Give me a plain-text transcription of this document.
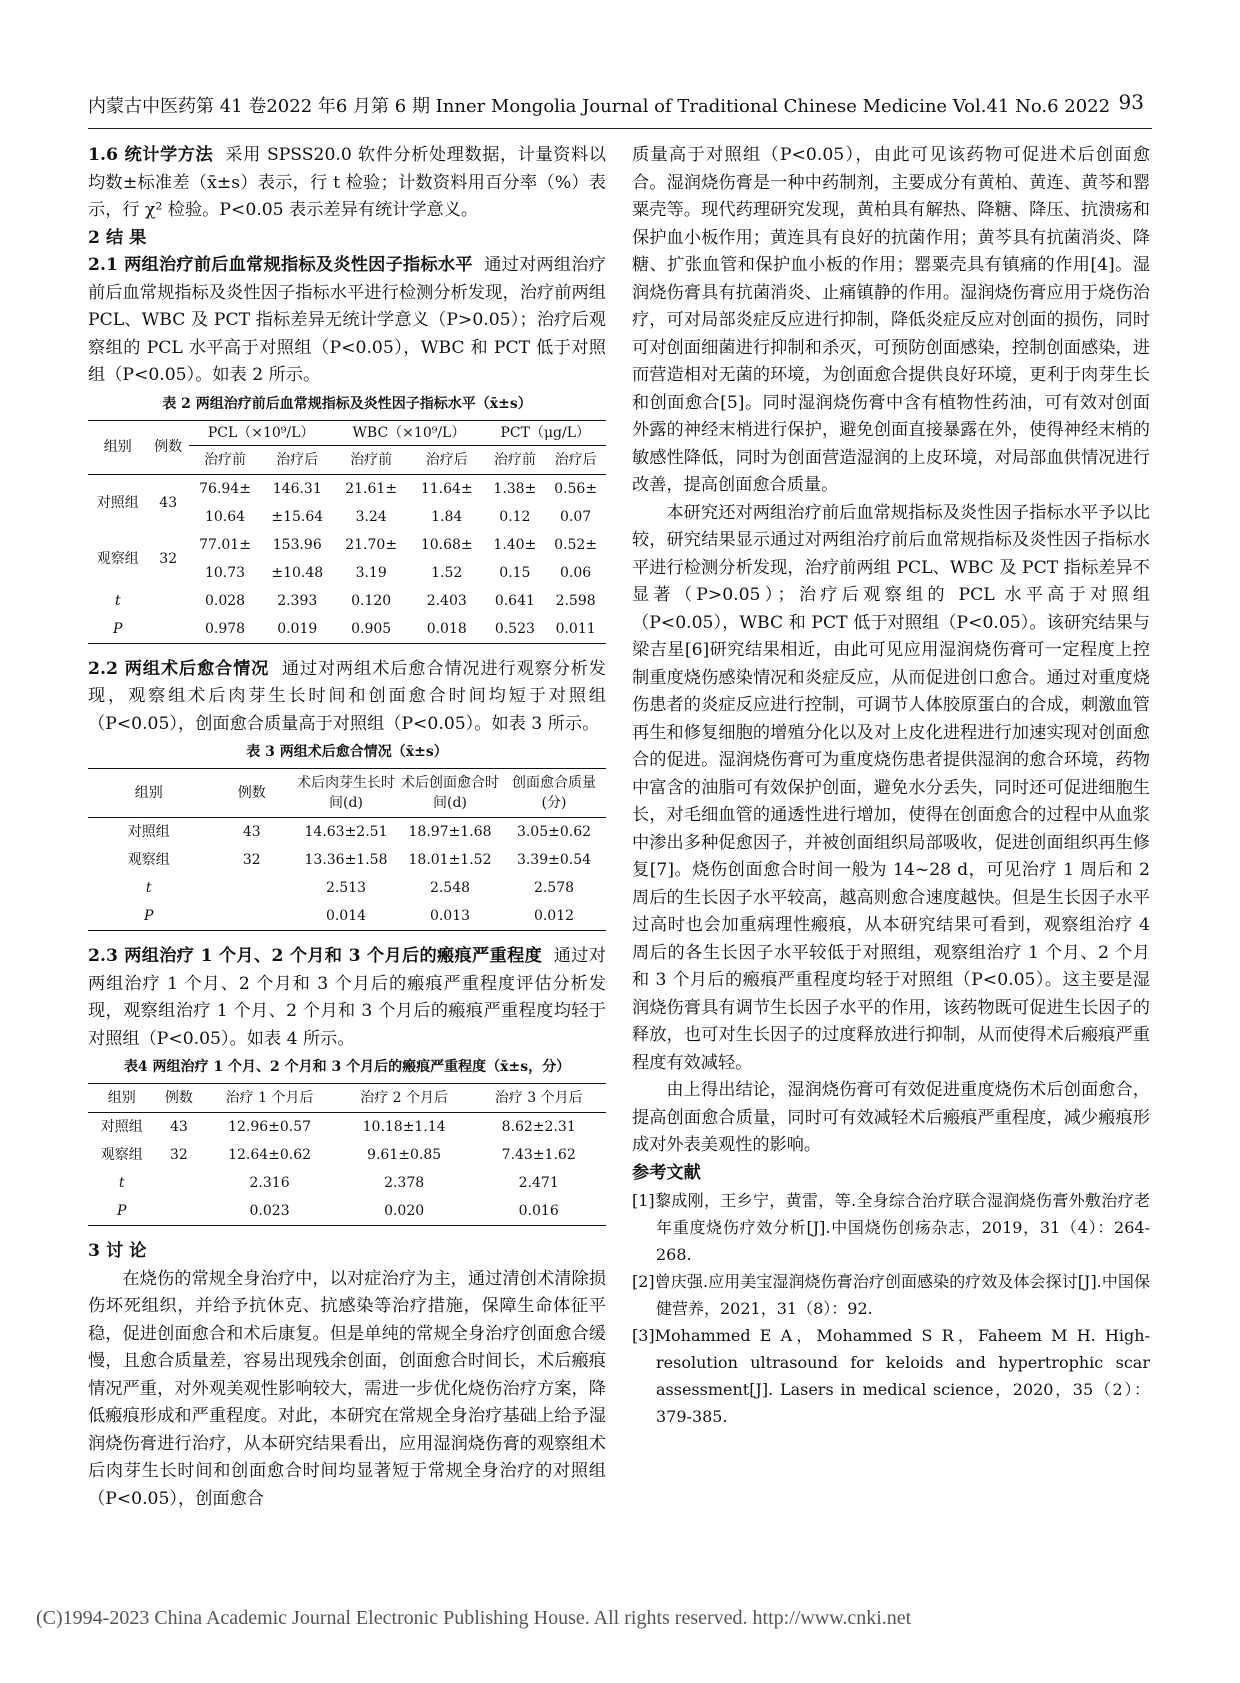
内蒙古中医药第 41 卷2022 年6 月第 6 期 Inner Mongolia Journal of Traditional Chinese Medicine Vol.41 No.6 2022 93

1.6 统计学方法 采用 SPSS20.0 软件分析处理数据，计量资料以均数±标准差（x̄±s）表示，行 t 检验；计数资料用百分率（%）表示，行 χ² 检验。P<0.05 表示差异有统计学意义。

2 结 果

2.1 两组治疗前后血常规指标及炎性因子指标水平 通过对两组治疗前后血常规指标及炎性因子指标水平进行检测分析发现，治疗前两组 PCL、WBC 及 PCT 指标差异无统计学意义（P>0.05）；治疗后观察组的 PCL 水平高于对照组（P<0.05），WBC 和 PCT 低于对照组（P<0.05）。如表 2 所示。

表 2 两组治疗前后血常规指标及炎性因子指标水平（x̄±s）
组别	例数	PCL（×10⁹/L）		WBC（×10⁹/L）		PCT（μg/L）	
		治疗前	治疗后	治疗前	治疗后	治疗前	治疗后
对照组	43	76.94±	146.31	21.61±	11.64±	1.38±	0.56±
		10.64	±15.64	3.24	1.84	0.12	0.07
观察组	32	77.01±	153.96	21.70±	10.68±	1.40±	0.52±
		10.73	±10.48	3.19	1.52	0.15	0.06
t		0.028	2.393	0.120	2.403	0.641	2.598
P		0.978	0.019	0.905	0.018	0.523	0.011

2.2 两组术后愈合情况 通过对两组术后愈合情况进行观察分析发现，观察组术后肉芽生长时间和创面愈合时间均短于对照组（P<0.05），创面愈合质量高于对照组（P<0.05）。如表 3 所示。

表 3 两组术后愈合情况（x̄±s）
组别	例数	术后肉芽生长时间(d)	术后创面愈合时间(d)	创面愈合质量(分)
对照组	43	14.63±2.51	18.97±1.68	3.05±0.62
观察组	32	13.36±1.58	18.01±1.52	3.39±0.54
t		2.513	2.548	2.578
P		0.014	0.013	0.012

2.3 两组治疗 1 个月、2 个月和 3 个月后的瘢痕严重程度 通过对两组治疗 1 个月、2 个月和 3 个月后的瘢痕严重程度评估分析发现，观察组治疗 1 个月、2 个月和 3 个月后的瘢痕严重程度均轻于对照组（P<0.05）。如表 4 所示。

表4 两组治疗 1 个月、2 个月和 3 个月后的瘢痕严重程度（x̄±s，分）
组别	例数	治疗 1 个月后	治疗 2 个月后	治疗 3 个月后
对照组	43	12.96±0.57	10.18±1.14	8.62±2.31
观察组	32	12.64±0.62	9.61±0.85	7.43±1.62
t		2.316	2.378	2.471
P		0.023	0.020	0.016

3 讨 论

在烧伤的常规全身治疗中，以对症治疗为主，通过清创术清除损伤坏死组织，并给予抗休克、抗感染等治疗措施，保障生命体征平稳，促进创面愈合和术后康复。但是单纯的常规全身治疗创面愈合缓慢，且愈合质量差，容易出现残余创面，创面愈合时间长，术后瘢痕情况严重，对外观美观性影响较大，需进一步优化烧伤治疗方案，降低瘢痕形成和严重程度。对此，本研究在常规全身治疗基础上给予湿润烧伤膏进行治疗，从本研究结果看出，应用湿润烧伤膏的观察组术后肉芽生长时间和创面愈合时间均显著短于常规全身治疗的对照组（P<0.05），创面愈合

质量高于对照组（P<0.05），由此可见该药物可促进术后创面愈合。湿润烧伤膏是一种中药制剂，主要成分有黄柏、黄连、黄芩和罂粟壳等。现代药理研究发现，黄柏具有解热、降糖、降压、抗溃疡和保护血小板作用；黄连具有良好的抗菌作用；黄芩具有抗菌消炎、降糖、扩张血管和保护血小板的作用；罂粟壳具有镇痛的作用[4]。湿润烧伤膏具有抗菌消炎、止痛镇静的作用。湿润烧伤膏应用于烧伤治疗，可对局部炎症反应进行抑制，降低炎症反应对创面的损伤，同时可对创面细菌进行抑制和杀灭，可预防创面感染，控制创面感染，进而营造相对无菌的环境，为创面愈合提供良好环境，更利于肉芽生长和创面愈合[5]。同时湿润烧伤膏中含有植物性药油，可有效对创面外露的神经末梢进行保护，避免创面直接暴露在外，使得神经末梢的敏感性降低，同时为创面营造湿润的上皮环境，对局部血供情况进行改善，提高创面愈合质量。

本研究还对两组治疗前后血常规指标及炎性因子指标水平予以比较，研究结果显示通过对两组治疗前后血常规指标及炎性因子指标水平进行检测分析发现，治疗前两组 PCL、WBC 及 PCT 指标差异不显著（P>0.05）；治疗后观察组的 PCL 水平高于对照组（P<0.05），WBC 和 PCT 低于对照组（P<0.05）。该研究结果与梁吉星[6]研究结果相近，由此可见应用湿润烧伤膏可一定程度上控制重度烧伤感染情况和炎症反应，从而促进创口愈合。通过对重度烧伤患者的炎症反应进行控制，可调节人体胶原蛋白的合成，刺激血管再生和修复细胞的增殖分化以及对上皮化进程进行加速实现对创面愈合的促进。湿润烧伤膏可为重度烧伤患者提供湿润的愈合环境，药物中富含的油脂可有效保护创面，避免水分丢失，同时还可促进细胞生长，对毛细血管的通透性进行增加，使得在创面愈合的过程中从血浆中渗出多种促愈因子，并被创面组织局部吸收，促进创面组织再生修复[7]。烧伤创面愈合时间一般为 14~28 d，可见治疗 1 周后和 2 周后的生长因子水平较高，越高则愈合速度越快。但是生长因子水平过高时也会加重病理性瘢痕，从本研究结果可看到，观察组治疗 4 周后的各生长因子水平较低于对照组，观察组治疗 1 个月、2 个月和 3 个月后的瘢痕严重程度均轻于对照组（P<0.05）。这主要是湿润烧伤膏具有调节生长因子水平的作用，该药物既可促进生长因子的释放，也可对生长因子的过度释放进行抑制，从而使得术后瘢痕严重程度有效减轻。

由上得出结论，湿润烧伤膏可有效促进重度烧伤术后创面愈合，提高创面愈合质量，同时可有效减轻术后瘢痕严重程度，减少瘢痕形成对外表美观性的影响。

参考文献

[1]黎成刚，王乡宁，黄雷，等.全身综合治疗联合湿润烧伤膏外敷治疗老年重度烧伤疗效分析[J].中国烧伤创疡杂志，2019，31（4）：264-268.

[2]曾庆强.应用美宝湿润烧伤膏治疗创面感染的疗效及体会探讨[J].中国保健营养，2021，31（8）：92.

[3]Mohammed E A，Mohammed S R，Faheem M H. High-resolution ultrasound for keloids and hypertrophic scar assessment[J]. Lasers in medical science，2020，35（2）：379-385.

(C)1994-2023 China Academic Journal Electronic Publishing House. All rights reserved. http://www.cnki.net
